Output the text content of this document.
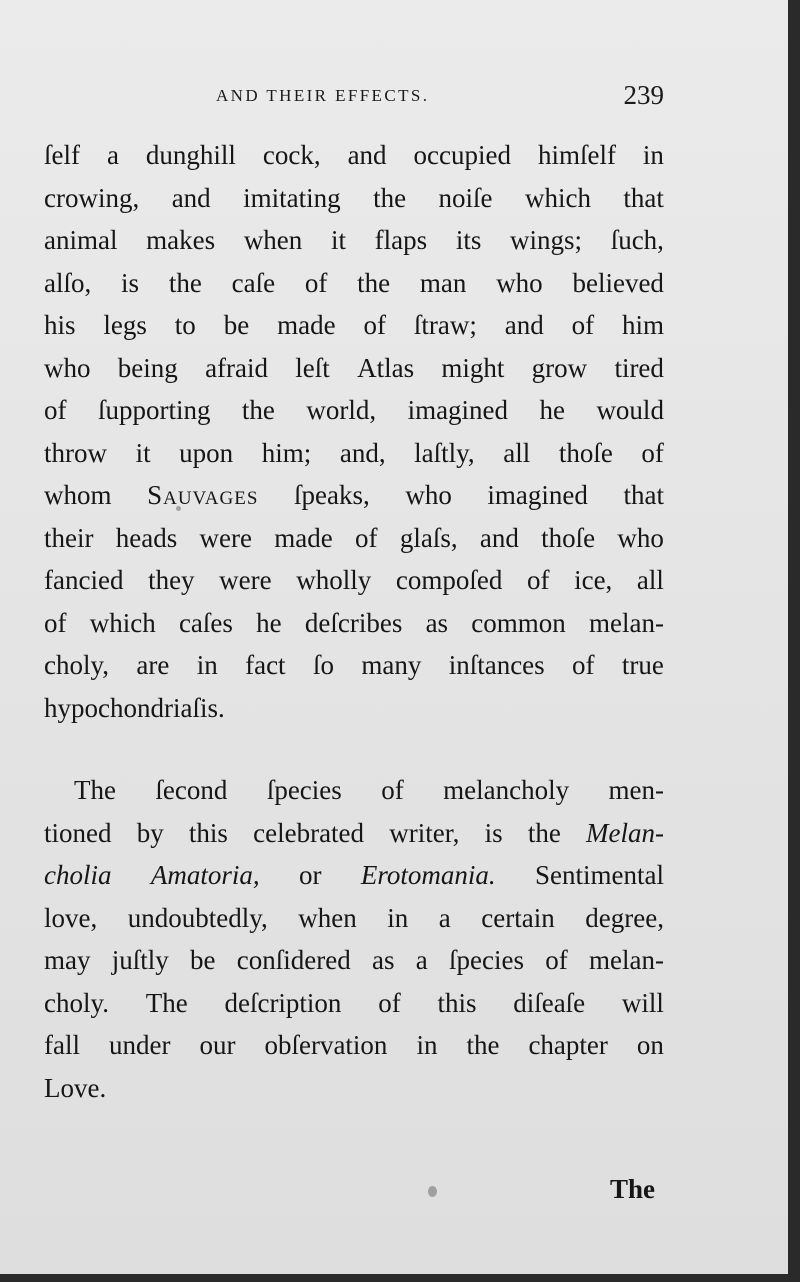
AND THEIR EFFECTS.	239
ſelf a dunghill cock, and occupied himſelf in
crowing, and imitating the noiſe which that
animal makes when it flaps its wings; ſuch,
alſo, is the caſe of the man who believed
his legs to be made of ſtraw; and of him
who being afraid leſt Atlas might grow tired
of ſupporting the world, imagined he would
throw it upon him; and, laſtly, all thoſe of
whom Sauvages ſpeaks, who imagined that
their heads were made of glaſs, and thoſe who
fancied they were wholly compoſed of ice, all
of which caſes he deſcribes as common melan-
choly, are in fact ſo many inſtances of true
hypochondriaſis.
The ſecond ſpecies of melancholy men-
tioned by this celebrated writer, is the Melan-
cholia Amatoria, or Erotomania. Sentimental
love, undoubtedly, when in a certain degree,
may juſtly be conſidered as a ſpecies of melan-
choly. The deſcription of this diſeaſe will
fall under our obſervation in the chapter on
Love.
The
